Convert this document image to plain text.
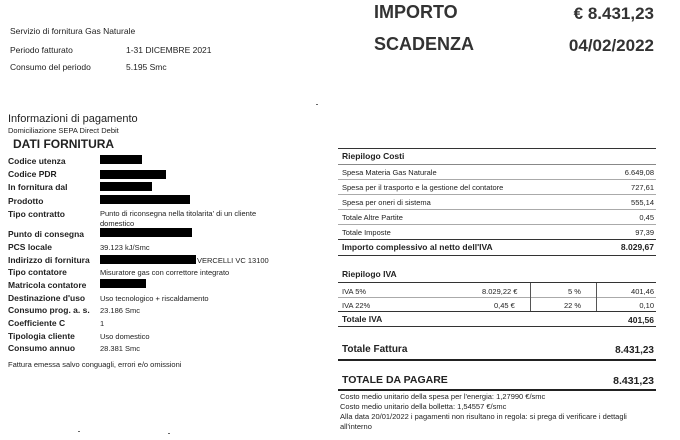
Servizio di fornitura Gas Naturale
Periodo fatturato	1-31 DICEMBRE 2021
Consumo del periodo	5.195 Smc
IMPORTO	€ 8.431,23
SCADENZA	04/02/2022
Informazioni di pagamento
Domiciliazione SEPA Direct Debit
DATI FORNITURA
Codice utenza
Codice PDR
In fornitura dal
Prodotto
Tipo contratto	Punto di riconsegna nella titolarita' di un cliente
domestico
Punto di consegna
PCS locale	39.123 kJ/Smc
Indirizzo di fornitura	VERCELLI VC 13100
Tipo contatore	Misuratore gas con correttore integrato
Matricola contatore
Destinazione d'uso Uso tecnologico + riscaldamento
Consumo prog. a. s. 23.186 Smc
Coefficiente C	1
Tipologia cliente	Uso domestico
Consumo annuo	28.381 Smc
Fattura emessa salvo conguagli, errori e/o omissioni
Riepilogo Costi
Spesa Materia Gas Naturale	6.649,08
Spesa per il trasporto e la gestione del contatore	727,61
Spesa per oneri di sistema	555,14
Totale Altre Partite	0,45
Totale Imposte	97,39
Importo complessivo al netto dell'IVA	8.029,67
Riepilogo IVA
IVA 5%	8.029,22 €	5 %	401,46
IVA 22%	0,45 €	22 %	0,10
Totale IVA	401,56
Totale Fattura	8.431,23
TOTALE DA PAGARE	8.431,23
Costo medio unitario della spesa per l'energia: 1,27990 €/smc
Costo medio unitario della bolletta: 1,54557 €/smc
Alla data 20/01/2022 i pagamenti non risultano in regola: si prega di verificare i dettagli
all'interno
